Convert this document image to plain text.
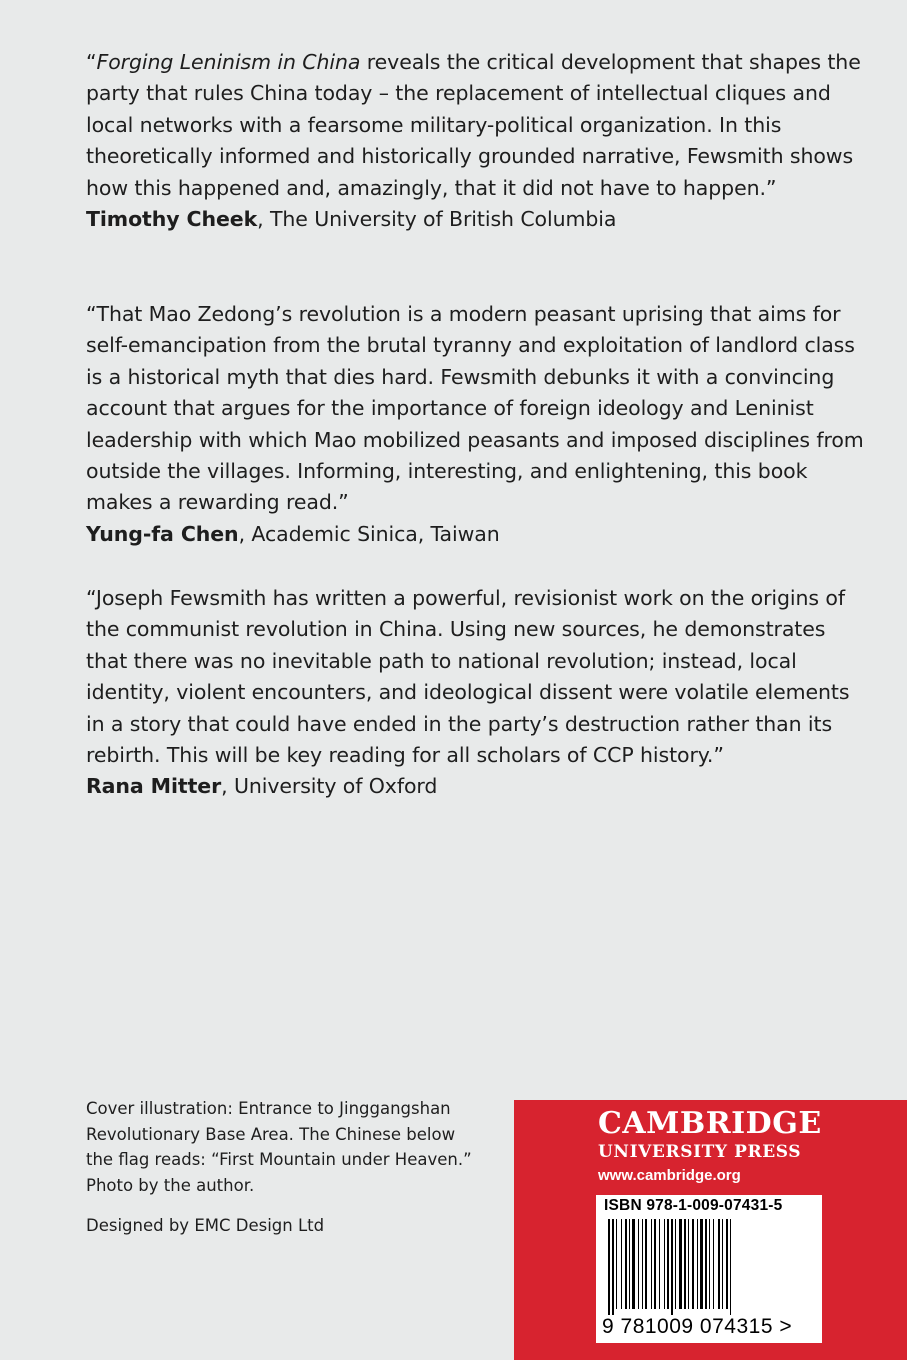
“Forging Leninism in China reveals the critical development that shapes the party that rules China today – the replacement of intellectual cliques and local networks with a fearsome military-political organization. In this theoretically informed and historically grounded narrative, Fewsmith shows how this happened and, amazingly, that it did not have to happen.”

Timothy Cheek, The University of British Columbia

“That Mao Zedong’s revolution is a modern peasant uprising that aims for self-emancipation from the brutal tyranny and exploitation of landlord class is a historical myth that dies hard. Fewsmith debunks it with a convincing account that argues for the importance of foreign ideology and Leninist leadership with which Mao mobilized peasants and imposed disciplines from outside the villages. Informing, interesting, and enlightening, this book makes a rewarding read.”

Yung-fa Chen, Academic Sinica, Taiwan

“Joseph Fewsmith has written a powerful, revisionist work on the origins of the communist revolution in China. Using new sources, he demonstrates that there was no inevitable path to national revolution; instead, local identity, violent encounters, and ideological dissent were volatile elements in a story that could have ended in the party’s destruction rather than its rebirth. This will be key reading for all scholars of CCP history.”

Rana Mitter, University of Oxford

Cover illustration: Entrance to Jinggangshan Revolutionary Base Area. The Chinese below the flag reads: “First Mountain under Heaven.” Photo by the author.

Designed by EMC Design Ltd

CAMBRIDGE
UNIVERSITY PRESS
www.cambridge.org
ISBN 978-1-009-07431-5
9 781009 074315 >
